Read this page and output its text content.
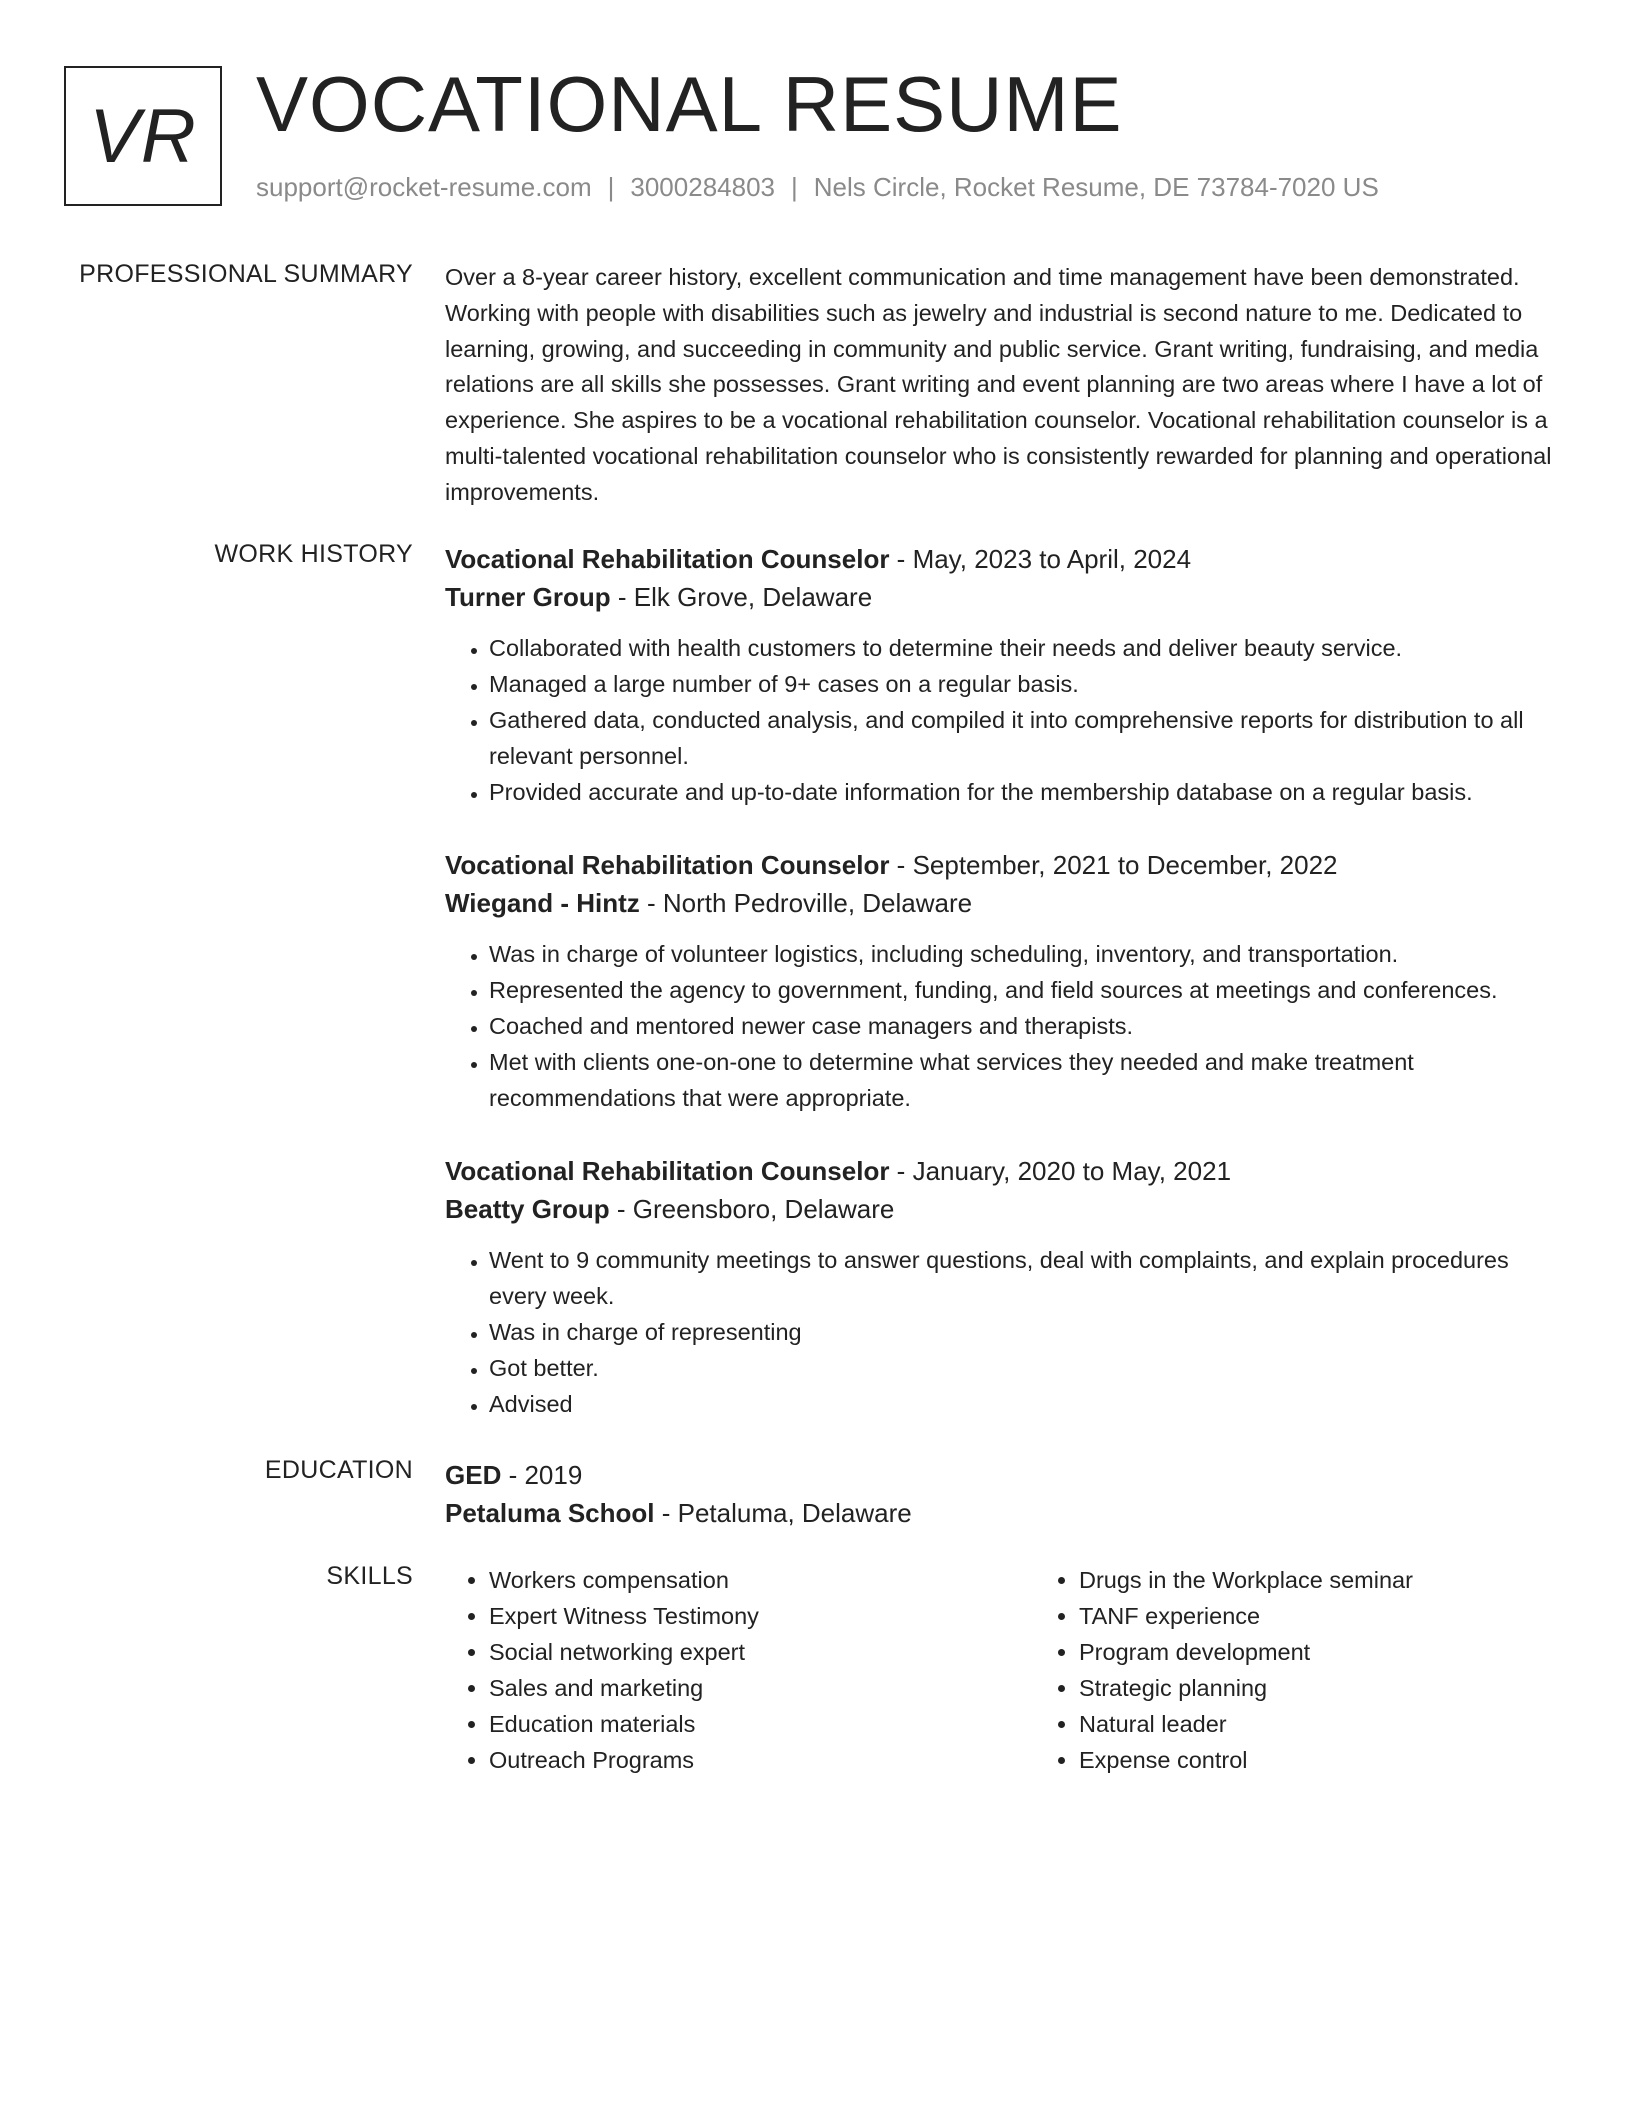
VR VOCATIONAL RESUME
support@rocket-resume.com | 3000284803 | Nels Circle, Rocket Resume, DE 73784-7020 US
PROFESSIONAL SUMMARY Over a 8-year career history, excellent communication and time management have been demonstrated. Working with people with disabilities such as jewelry and industrial is second nature to me. Dedicated to learning, growing, and succeeding in community and public service. Grant writing, fundraising, and media relations are all skills she possesses. Grant writing and event planning are two areas where I have a lot of experience. She aspires to be a vocational rehabilitation counselor. Vocational rehabilitation counselor is a multi-talented vocational rehabilitation counselor who is consistently rewarded for planning and operational improvements.

WORK HISTORY Vocational Rehabilitation Counselor - May, 2023 to April, 2024
Turner Group - Elk Grove, Delaware
• Collaborated with health customers to determine their needs and deliver beauty service.
• Managed a large number of 9+ cases on a regular basis.
• Gathered data, conducted analysis, and compiled it into comprehensive reports for distribution to all relevant personnel.
• Provided accurate and up-to-date information for the membership database on a regular basis.
Vocational Rehabilitation Counselor - September, 2021 to December, 2022
Wiegand - Hintz - North Pedroville, Delaware
• Was in charge of volunteer logistics, including scheduling, inventory, and transportation.
• Represented the agency to government, funding, and field sources at meetings and conferences.
• Coached and mentored newer case managers and therapists.
• Met with clients one-on-one to determine what services they needed and make treatment recommendations that were appropriate.
Vocational Rehabilitation Counselor - January, 2020 to May, 2021
Beatty Group - Greensboro, Delaware
• Went to 9 community meetings to answer questions, deal with complaints, and explain procedures every week.
• Was in charge of representing
• Got better.
• Advised
EDUCATION GED - 2019
Petaluma School - Petaluma, Delaware
SKILLS
•	Workers compensation
• Expert Witness Testimony
• Social networking expert
• Sales and marketing
• Education materials
• Outreach Programs
• Drugs in the Workplace seminar
• TANF experience
• Program development
• Strategic planning
• Natural leader
• Expense control
